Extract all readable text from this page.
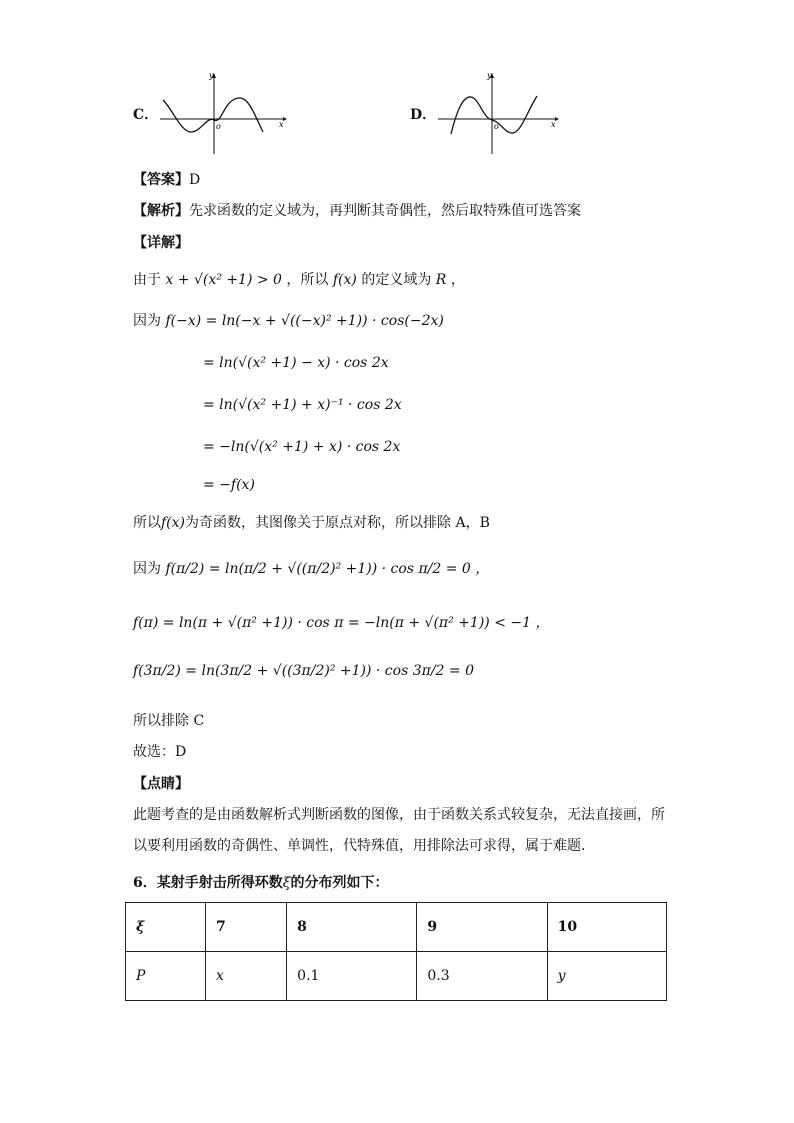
C．
y
x
o
D．
y
x
o
【答案】D
【解析】先求函数的定义域为，再判断其奇偶性，然后取特殊值可选答案
【详解】
由于 x + √(x² +1) > 0 ，所以 f(x) 的定义域为 R ，
因为 f(−x) = ln(−x + √((−x)² +1)) · cos(−2x)
= ln(√(x² +1) − x) · cos 2x
= ln(√(x² +1) + x)⁻¹ · cos 2x
= −ln(√(x² +1) + x) · cos 2x
= −f(x)
所以f(x)为奇函数，其图像关于原点对称，所以排除 A，B
因为 f(π/2) = ln(π/2 + √((π/2)² +1)) · cos π/2 = 0 ，
f(π) = ln(π + √(π² +1)) · cos π = −ln(π + √(π² +1)) < −1 ，
f(3π/2) = ln(3π/2 + √((3π/2)² +1)) · cos 3π/2 = 0
所以排除 C
故选：D
【点睛】
此题考查的是由函数解析式判断函数的图像，由于函数关系式较复杂，无法直接画，所
以要利用函数的奇偶性、单调性，代特殊值，用排除法可求得，属于难题．
6．某射手射击所得环数ξ的分布列如下：
ξ	7	8	9	10
P	x	0.1	0.3	y
